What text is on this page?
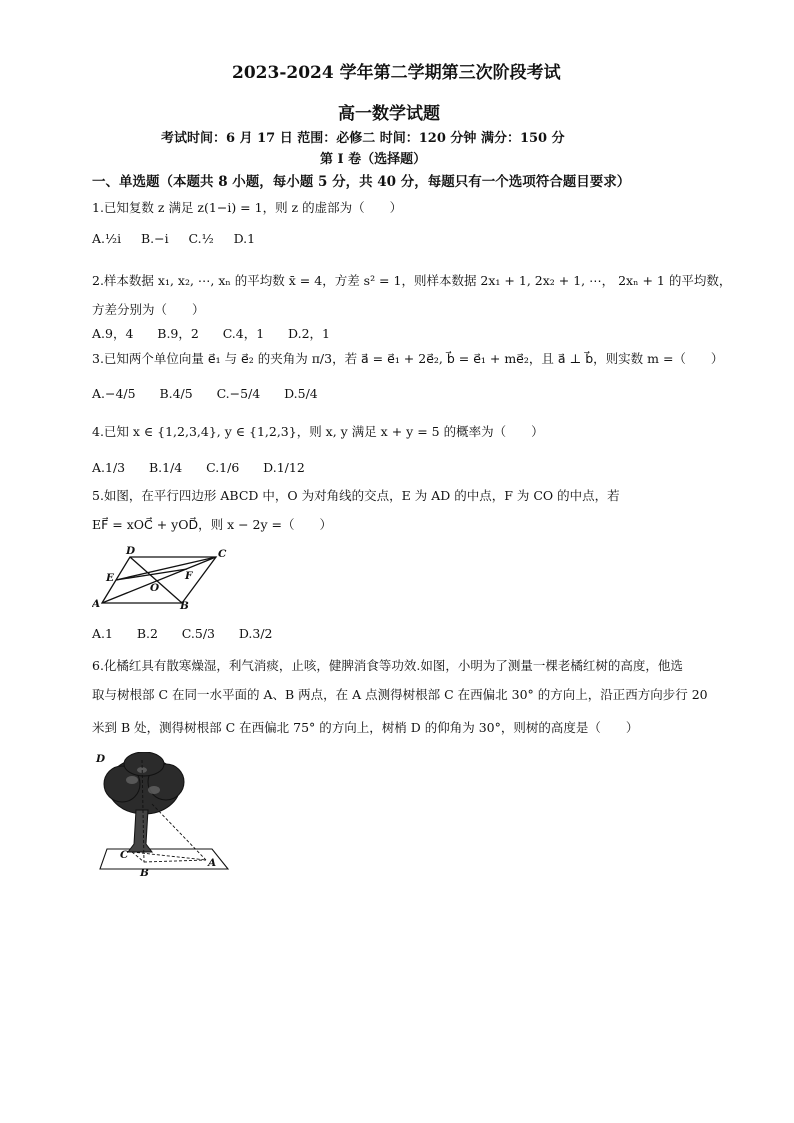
2023-2024 学年第二学期第三次阶段考试
高一数学试题
考试时间：6 月 17 日 范围：必修二 时间：120 分钟 满分：150 分
第 I 卷（选择题）
一、单选题（本题共 8 小题，每小题 5 分，共 40 分，每题只有一个选项符合题目要求）
1.已知复数 z 满足 z(1−i) = 1，则 z 的虚部为（　　）
A.½i B.−i C.½ D.1
2.样本数据 x₁, x₂, ⋯, xₙ 的平均数 x̄ = 4，方差 s² = 1，则样本数据 2x₁ + 1, 2x₂ + 1, ⋯， 2xₙ + 1 的平均数，
方差分别为（　　）
A.9，4 B.9，2 C.4，1 D.2，1
3.已知两个单位向量 e⃗₁ 与 e⃗₂ 的夹角为 π/3，若 a⃗ = e⃗₁ + 2e⃗₂, b⃗ = e⃗₁ + me⃗₂，且 a⃗ ⊥ b⃗，则实数 m =（　　）
A.−4/5 B.4/5 C.−5/4 D.5/4
4.已知 x ∈ {1,2,3,4}, y ∈ {1,2,3}，则 x, y 满足 x + y = 5 的概率为（　　）
A.1/3 B.1/4 C.1/6 D.1/12
5.如图，在平行四边形 ABCD 中，O 为对角线的交点，E 为 AD 的中点，F 为 CO 的中点，若
EF⃗ = xOC⃗ + yOD⃗，则 x − 2y =（　　）
D	C
E	F
O
A	B
A.1 B.2 C.5/3 D.3/2
6.化橘红具有散寒燥湿，利气消痰，止咳，健脾消食等功效.如图，小明为了测量一棵老橘红树的高度，他选
取与树根部 C 在同一水平面的 A、B 两点，在 A 点测得树根部 C 在西偏北 30° 的方向上，沿正西方向步行 20
米到 B 处，测得树根部 C 在西偏北 75° 的方向上，树梢 D 的仰角为 30°，则树的高度是（　　）
D
C
B
A
